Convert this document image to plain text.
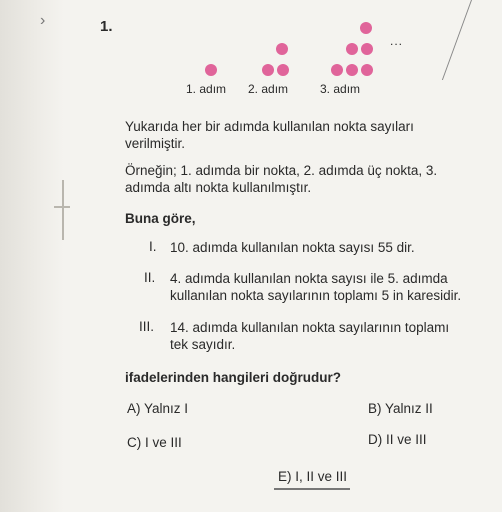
›	1.
...
1. adım 2. adım	3. adım
Yukarıda her bir adımda kullanılan nokta sayıları verilmiştir.
Örneğin; 1. adımda bir nokta, 2. adımda üç nokta, 3. adımda altı nokta kullanılmıştır.
Buna göre,
I. 10. adımda kullanılan nokta sayısı 55 dir.
II. 4. adımda kullanılan nokta sayısı ile 5. adımda kullanılan nokta sayılarının toplamı 5 in karesidir.
III. 14. adımda kullanılan nokta sayılarının toplamı tek sayıdır.
ifadelerinden hangileri doğrudur?
A) Yalnız I	B) Yalnız II
C) I ve III	D) II ve III
E) I, II ve III
